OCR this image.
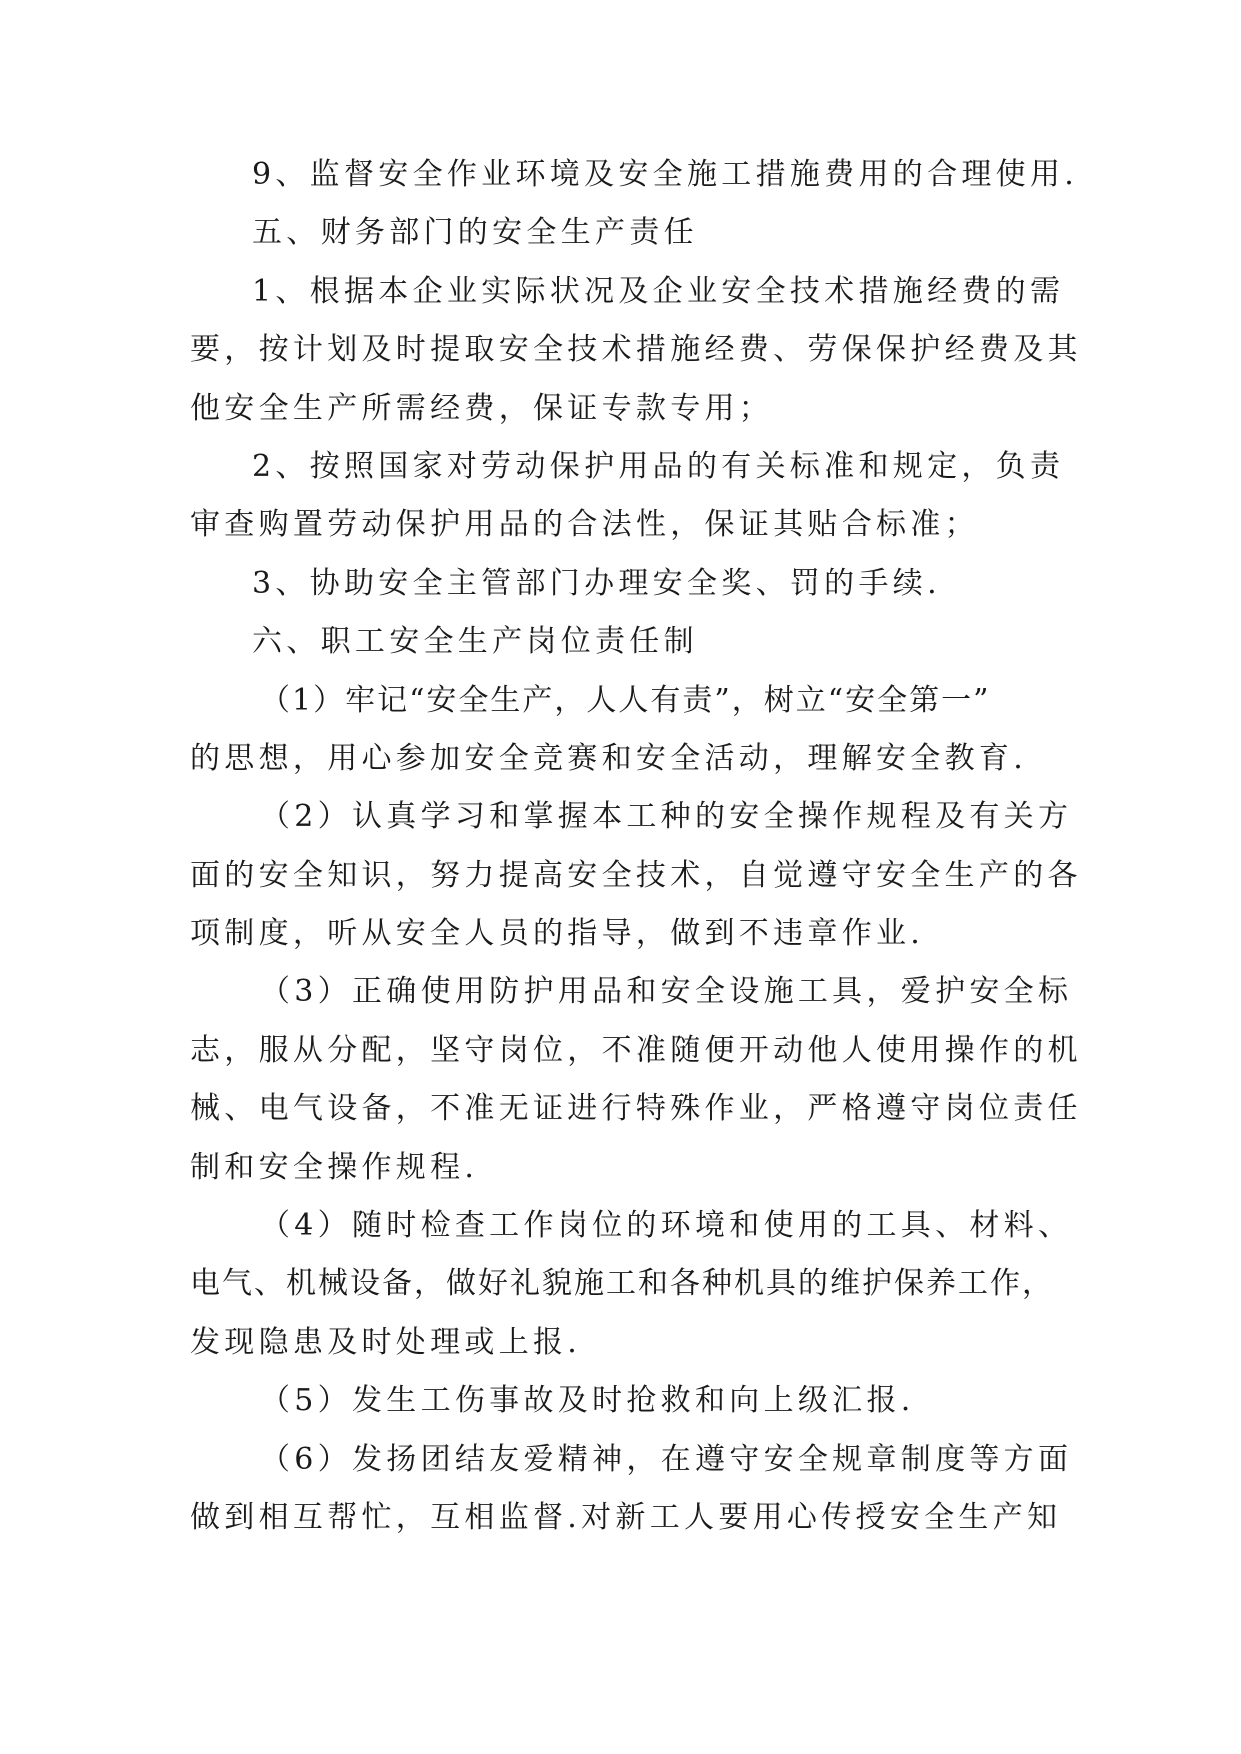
9、监督安全作业环境及安全施工措施费用的合理使用.
五、财务部门的安全生产责任
1、根据本企业实际状况及企业安全技术措施经费的需
要，按计划及时提取安全技术措施经费、劳保保护经费及其
他安全生产所需经费，保证专款专用；
2、按照国家对劳动保护用品的有关标准和规定，负责
审查购置劳动保护用品的合法性，保证其贴合标准；
3、协助安全主管部门办理安全奖、罚的手续.
六、职工安全生产岗位责任制
（1）牢记“安全生产，人人有责”，树立“安全第一”
的思想，用心参加安全竞赛和安全活动，理解安全教育.
（2）认真学习和掌握本工种的安全操作规程及有关方
面的安全知识，努力提高安全技术，自觉遵守安全生产的各
项制度，听从安全人员的指导，做到不违章作业.
（3）正确使用防护用品和安全设施工具，爱护安全标
志，服从分配，坚守岗位，不准随便开动他人使用操作的机
械、电气设备，不准无证进行特殊作业，严格遵守岗位责任
制和安全操作规程.
（4）随时检查工作岗位的环境和使用的工具、材料、
电气、机械设备，做好礼貌施工和各种机具的维护保养工作，
发现隐患及时处理或上报.
（5）发生工伤事故及时抢救和向上级汇报.
（6）发扬团结友爱精神，在遵守安全规章制度等方面
做到相互帮忙，互相监督.对新工人要用心传授安全生产知
